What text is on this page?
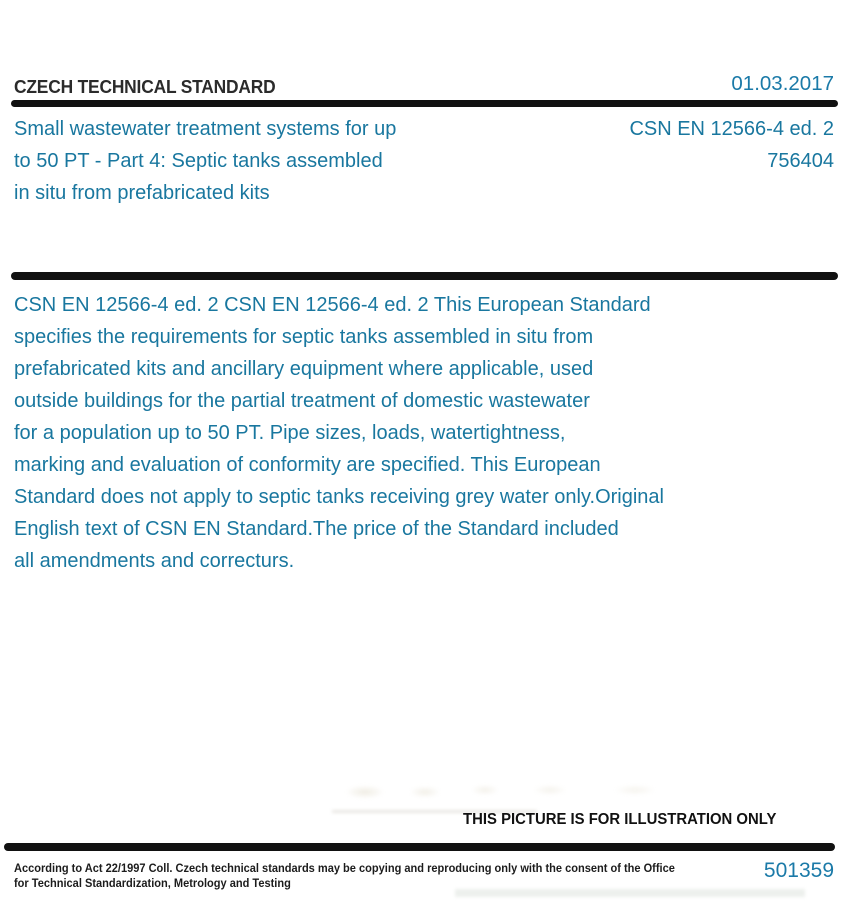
CZECH TECHNICAL STANDARD	01.03.2017
Small wastewater treatment systems for up
to 50 PT - Part 4: Septic tanks assembled
in situ from prefabricated kits
CSN EN 12566-4 ed. 2
756404
CSN EN 12566-4 ed. 2 CSN EN 12566-4 ed. 2 This European Standard
specifies the requirements for septic tanks assembled in situ from
prefabricated kits and ancillary equipment where applicable, used
outside buildings for the partial treatment of domestic wastewater
for a population up to 50 PT. Pipe sizes, loads, watertightness,
marking and evaluation of conformity are specified. This European
Standard does not apply to septic tanks receiving grey water only.Original
English text of CSN EN Standard.The price of the Standard included
all amendments and correcturs.
THIS PICTURE IS FOR ILLUSTRATION ONLY
According to Act 22/1997 Coll. Czech technical standards may be copying and reproducing only with the consent of the Office
for Technical Standardization, Metrology and Testing
501359
